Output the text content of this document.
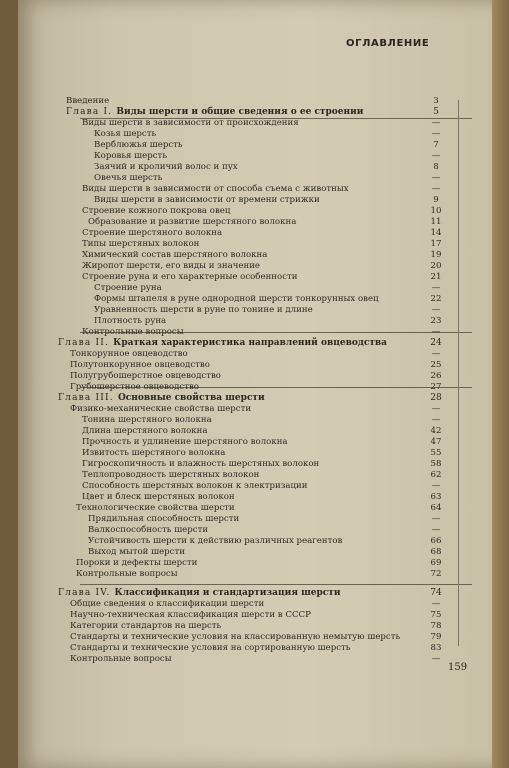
ОГЛАВЛЕНИЕ
Введение	3
Глава I. Виды шерсти и общие сведения о ее строении	5
Виды шерсти в зависимости от происхождения	—
Козья шерсть	—
Верблюжья шерсть	7
Коровья шерсть	—
Заячий и кроличий волос и пух	8
Овечья шерсть	—
Виды шерсти в зависимости от способа съема с животных	—
Виды шерсти в зависимости от времени стрижки	9
Строение кожного покрова овец	10
Образование и развитие шерстяного волокна	11
Строение шерстяного волокна	14
Типы шерстяных волокон	17
Химический состав шерстяного волокна	19
Жиропот шерсти, его виды и значение	20
Строение руна и его характерные особенности	21
Строение руна	—
Формы штапеля в руне однородной шерсти тонкорунных овец	22
Уравненность шерсти в руне по тонине и длине	—
Плотность руна	23
Контрольные вопросы	—
Глава II. Краткая характеристика направлений овцеводства	24
Тонкорунное овцеводство	—
Полутонкорунное овцеводство	25
Полугрубошерстное овцеводство	26
Грубошерстное овцеводство	27
Глава III. Основные свойства шерсти	28
Физико-механические свойства шерсти	—
Тонина шерстяного волокна	—
Длина шерстяного волокна	42
Прочность и удлинение шерстяного волокна	47
Извитость шерстяного волокна	55
Гигроскопичность и влажность шерстяных волокон	58
Теплопроводность шерстяных волокон	62
Способность шерстяных волокон к электризации	—
Цвет и блеск шерстяных волокон	63
Технологические свойства шерсти	64
Прядильная способность шерсти	—
Валкоспособность шерсти	—
Устойчивость шерсти к действию различных реагентов	66
Выход мытой шерсти	68
Пороки и дефекты шерсти	69
Контрольные вопросы	72
Глава IV. Классификация и стандартизация шерсти	74
Общие сведения о классификации шерсти	—
Научно-техническая классификация шерсти в СССР	75
Категории стандартов на шерсть	78
Стандарты и технические условия на классированную немытую шерсть	79
Стандарты и технические условия на сортированную шерсть	83
Контрольные вопросы	—
159
